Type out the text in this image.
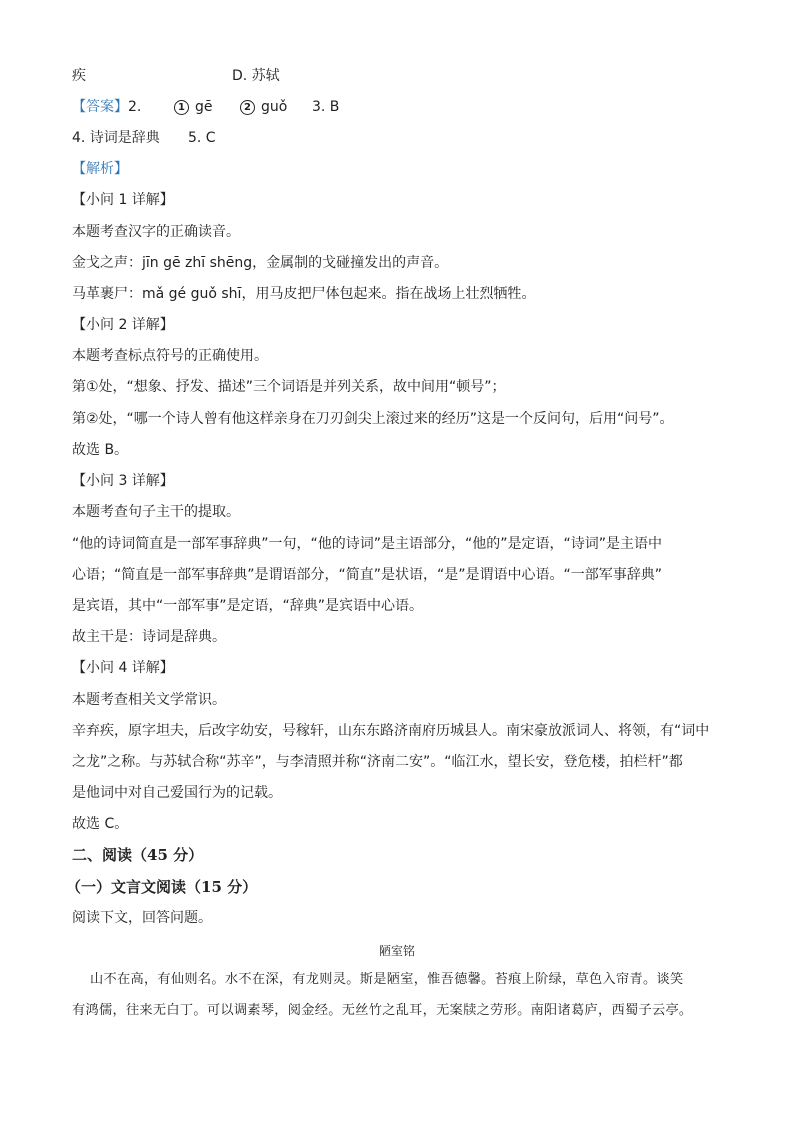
疾	D. 苏轼
【答案】2.	1 gē	2 guǒ 3. B
4. 诗词是辞典 5. C
【解析】
【小问 1 详解】
本题考查汉字的正确读音。
金戈之声：jīn gē zhī shēng，金属制的戈碰撞发出的声音。
马革裹尸：mǎ gé guǒ shī，用马皮把尸体包起来。指在战场上壮烈牺牲。
【小问 2 详解】
本题考查标点符号的正确使用。
第①处，“想象、抒发、描述”三个词语是并列关系，故中间用“顿号”；
第②处，“哪一个诗人曾有他这样亲身在刀刃剑尖上滚过来的经历”这是一个反问句，后用“问号”。
故选 B。
【小问 3 详解】
本题考查句子主干的提取。
“他的诗词简直是一部军事辞典”一句，“他的诗词”是主语部分，“他的”是定语，“诗词”是主语中
心语；“简直是一部军事辞典”是谓语部分，“简直”是状语，“是”是谓语中心语。“一部军事辞典”
是宾语，其中“一部军事”是定语，“辞典”是宾语中心语。
故主干是：诗词是辞典。
【小问 4 详解】
本题考查相关文学常识。
辛弃疾，原字坦夫，后改字幼安，号稼轩，山东东路济南府历城县人。南宋豪放派词人、将领，有“词中
之龙”之称。与苏轼合称“苏辛”，与李清照并称“济南二安”。“临江水，望长安，登危楼，拍栏杆”都
是他词中对自己爱国行为的记载。
故选 C。
二、阅读（45 分）
（一）文言文阅读（15 分）
阅读下文，回答问题。
陋室铭
山不在高，有仙则名。水不在深，有龙则灵。斯是陋室，惟吾德馨。苔痕上阶绿，草色入帘青。谈笑
有鸿儒，往来无白丁。可以调素琴，阅金经。无丝竹之乱耳，无案牍之劳形。南阳诸葛庐，西蜀子云亭。
